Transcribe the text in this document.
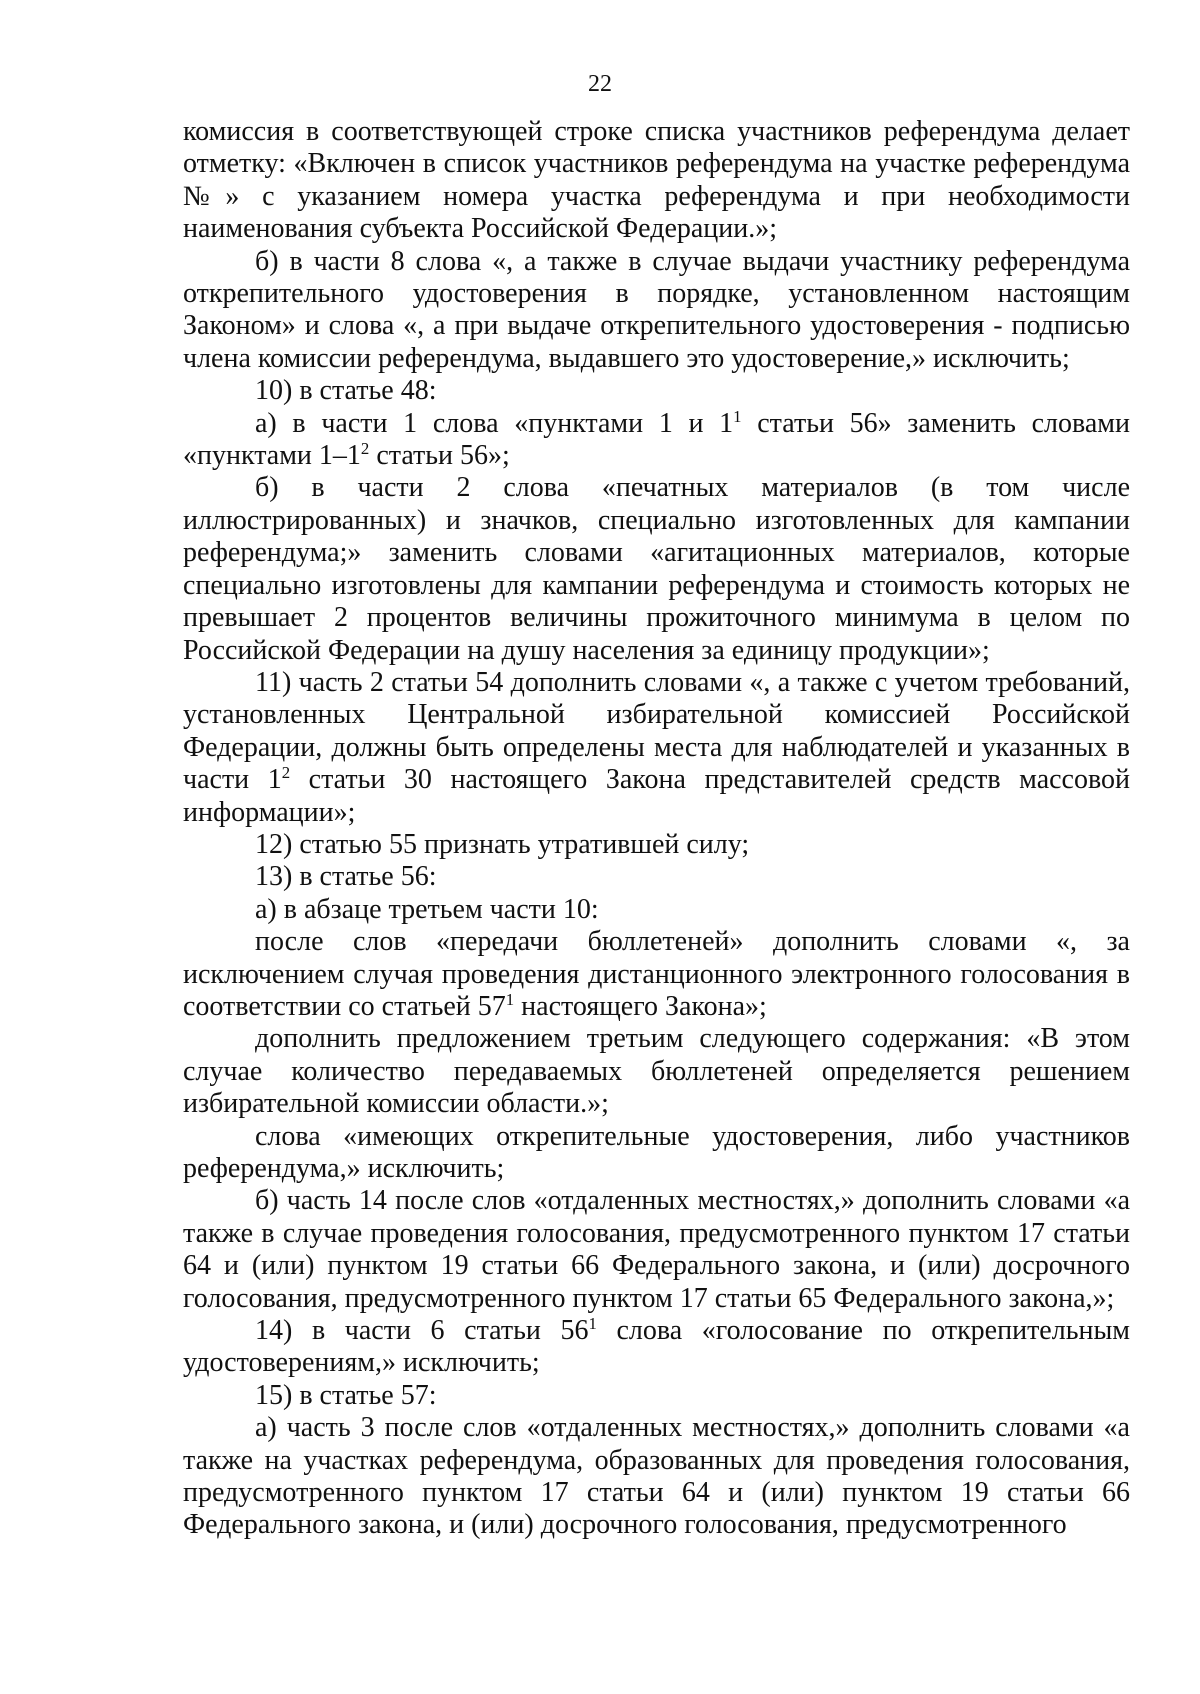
22

комиссия в соответствующей строке списка участников референдума делает отметку: «Включен в список участников референдума на участке референдума №» с указанием номера участка референдума и при необходимости наименования субъекта Российской Федерации.»;

б) в части 8 слова «, а также в случае выдачи участнику референдума открепительного удостоверения в порядке, установленном настоящим Законом» и слова «, а при выдаче открепительного удостоверения - подписью члена комиссии референдума, выдавшего это удостоверение,» исключить;

10) в статье 48:

а) в части 1 слова «пунктами 1 и $1^1$ статьи 56» заменить словами «пунктами $1-1^2$ статьи 56»;

б) в части 2 слова «печатных материалов (в том числе иллюстрированных) и значков, специально изготовленных для кампании референдума;» заменить словами «агитационных материалов, которые специально изготовлены для кампании референдума и стоимость которых не превышает 2 процентов величины прожиточного минимума в целом по Российской Федерации на душу населения за единицу продукции»;

11) часть 2 статьи 54 дополнить словами «, а также с учетом требований, установленных Центральной избирательной комиссией Российской Федерации, должны быть определены места для наблюдателей и указанных в части $1^2$ статьи 30 настоящего Закона представителей средств массовой информации»;

12) статью 55 признать утратившей силу;

13) в статье 56:

а) в абзаце третьем части 10:

после слов «передачи бюллетеней» дополнить словами «, за исключением случая проведения дистанционного электронного голосования в соответствии со статьей $57^1$ настоящего Закона»;

дополнить предложением третьим следующего содержания: «В этом случае количество передаваемых бюллетеней определяется решением избирательной комиссии области.»;

слова «имеющих открепительные удостоверения, либо участников референдума,» исключить;

б) часть 14 после слов «отдаленных местностях,» дополнить словами «а также в случае проведения голосования, предусмотренного пунктом 17 статьи 64 и (или) пунктом 19 статьи 66 Федерального закона, и (или) досрочного голосования, предусмотренного пунктом 17 статьи 65 Федерального закона,»;

14) в части 6 статьи $56^1$ слова «голосование по открепительным удостоверениям,» исключить;

15) в статье 57:

а) часть 3 после слов «отдаленных местностях,» дополнить словами «а также на участках референдума, образованных для проведения голосования, предусмотренного пунктом 17 статьи 64 и (или) пунктом 19 статьи 66 Федерального закона, и (или) досрочного голосования, предусмотренного
